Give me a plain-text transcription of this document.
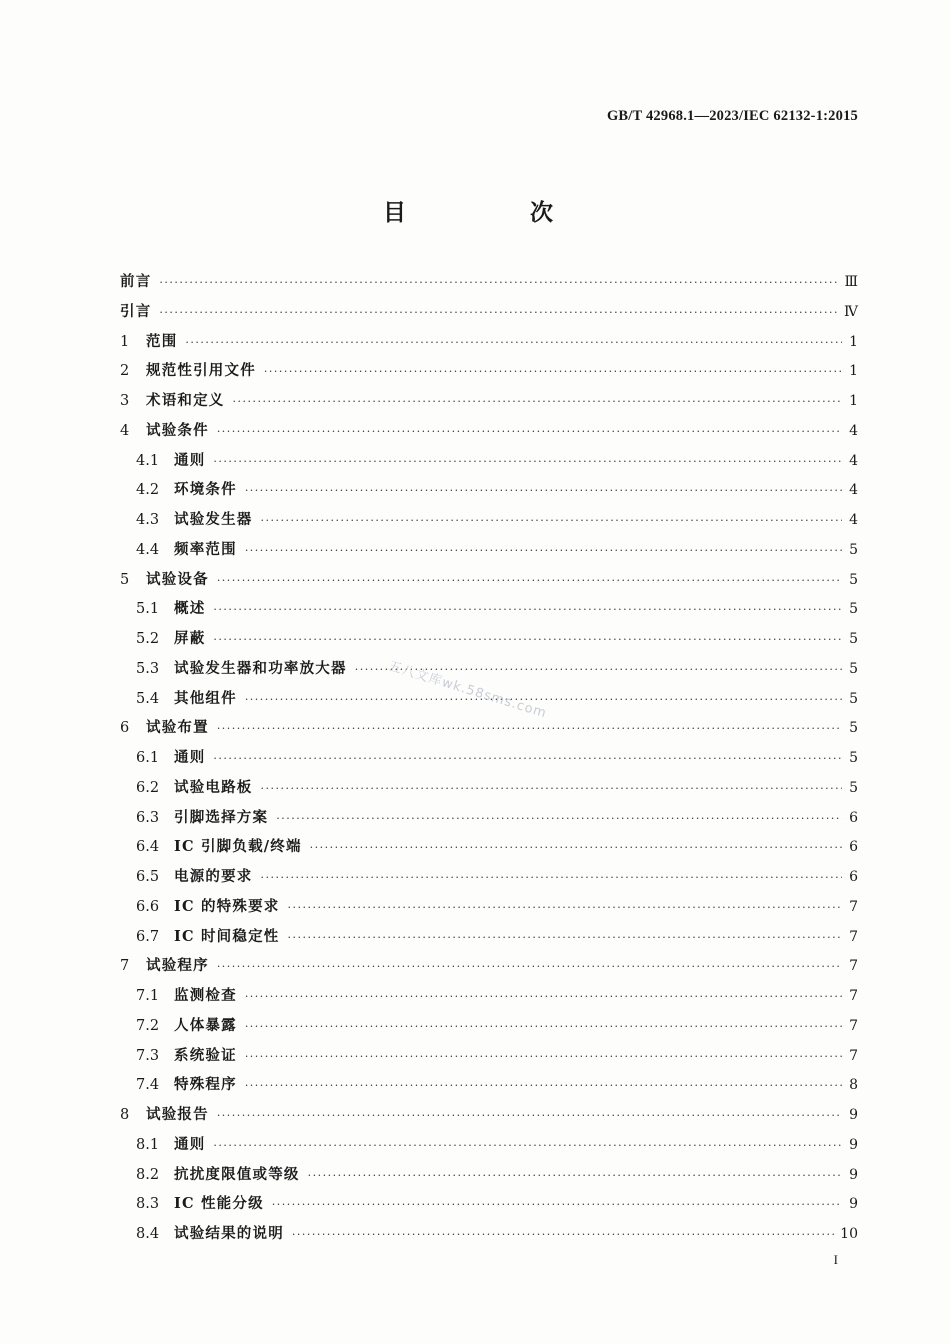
GB/T 42968.1—2023/IEC 62132-1:2015
目 次
前言 ·····	Ⅲ
引言 ·····	Ⅳ
1	范围 ·····	1
2	规范性引用文件 ·····	1
3	术语和定义 ·····	1
4	试验条件 ·····	4
4.1	通则 ·····	4
4.2	环境条件 ·····	4
4.3	试验发生器 ·····	4
4.4	频率范围 ·····	5
5	试验设备 ·····	5
5.1	概述 ·····	5
5.2	屏蔽 ·····	5
5.3	试验发生器和功率放大器 ·····	5
5.4	其他组件 ·····	5
6	试验布置 ·····	5
6.1	通则 ·····	5
6.2	试验电路板 ·····	5
6.3	引脚选择方案 ·····	6
6.4	IC 引脚负载/终端 ·····	6
6.5	电源的要求 ·····	6
6.6	IC 的特殊要求 ·····	7
6.7	IC 时间稳定性 ·····	7
7	试验程序 ·····	7
7.1	监测检查 ·····	7
7.2	人体暴露 ·····	7
7.3	系统验证 ·····	7
7.4	特殊程序 ·····	8
8	试验报告 ·····	9
8.1	通则 ·····	9
8.2	抗扰度限值或等级 ·····	9
8.3	IC 性能分级 ·····	9
8.4	试验结果的说明 ·····	10
五八文库wk.58sms.com
I
